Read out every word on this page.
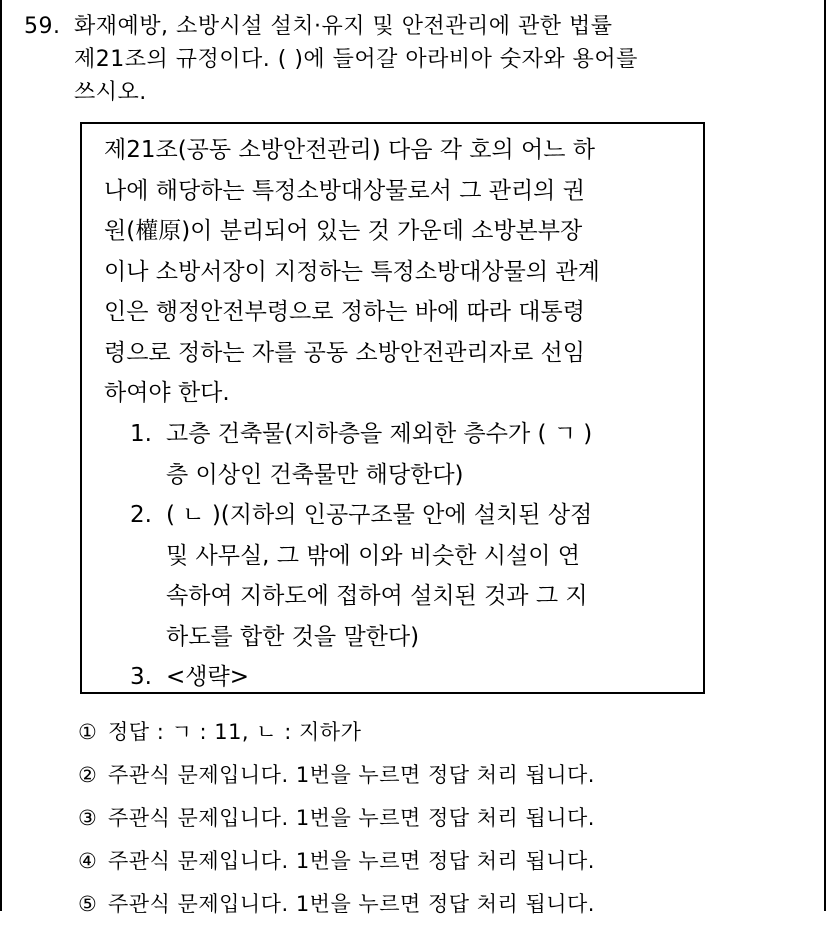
59. 화재예방, 소방시설 설치·유지 및 안전관리에 관한 법률
제21조의 규정이다. ( )에 들어갈 아라비아 숫자와 용어를
쓰시오.
제21조(공동 소방안전관리) 다음 각 호의 어느 하
나에 해당하는 특정소방대상물로서 그 관리의 권
원(權原)이 분리되어 있는 것 가운데 소방본부장
이나 소방서장이 지정하는 특정소방대상물의 관계
인은 행정안전부령으로 정하는 바에 따라 대통령
령으로 정하는 자를 공동 소방안전관리자로 선임
하여야 한다.
1. 고층 건축물(지하층을 제외한 층수가 ( ㄱ )
층 이상인 건축물만 해당한다)
2. ( ㄴ )(지하의 인공구조물 안에 설치된 상점
및 사무실, 그 밖에 이와 비슷한 시설이 연
속하여 지하도에 접하여 설치된 것과 그 지
하도를 합한 것을 말한다)
3. <생략>
① 정답 : ㄱ : 11, ㄴ : 지하가
② 주관식 문제입니다. 1번을 누르면 정답 처리 됩니다.
③ 주관식 문제입니다. 1번을 누르면 정답 처리 됩니다.
④ 주관식 문제입니다. 1번을 누르면 정답 처리 됩니다.
⑤ 주관식 문제입니다. 1번을 누르면 정답 처리 됩니다.
